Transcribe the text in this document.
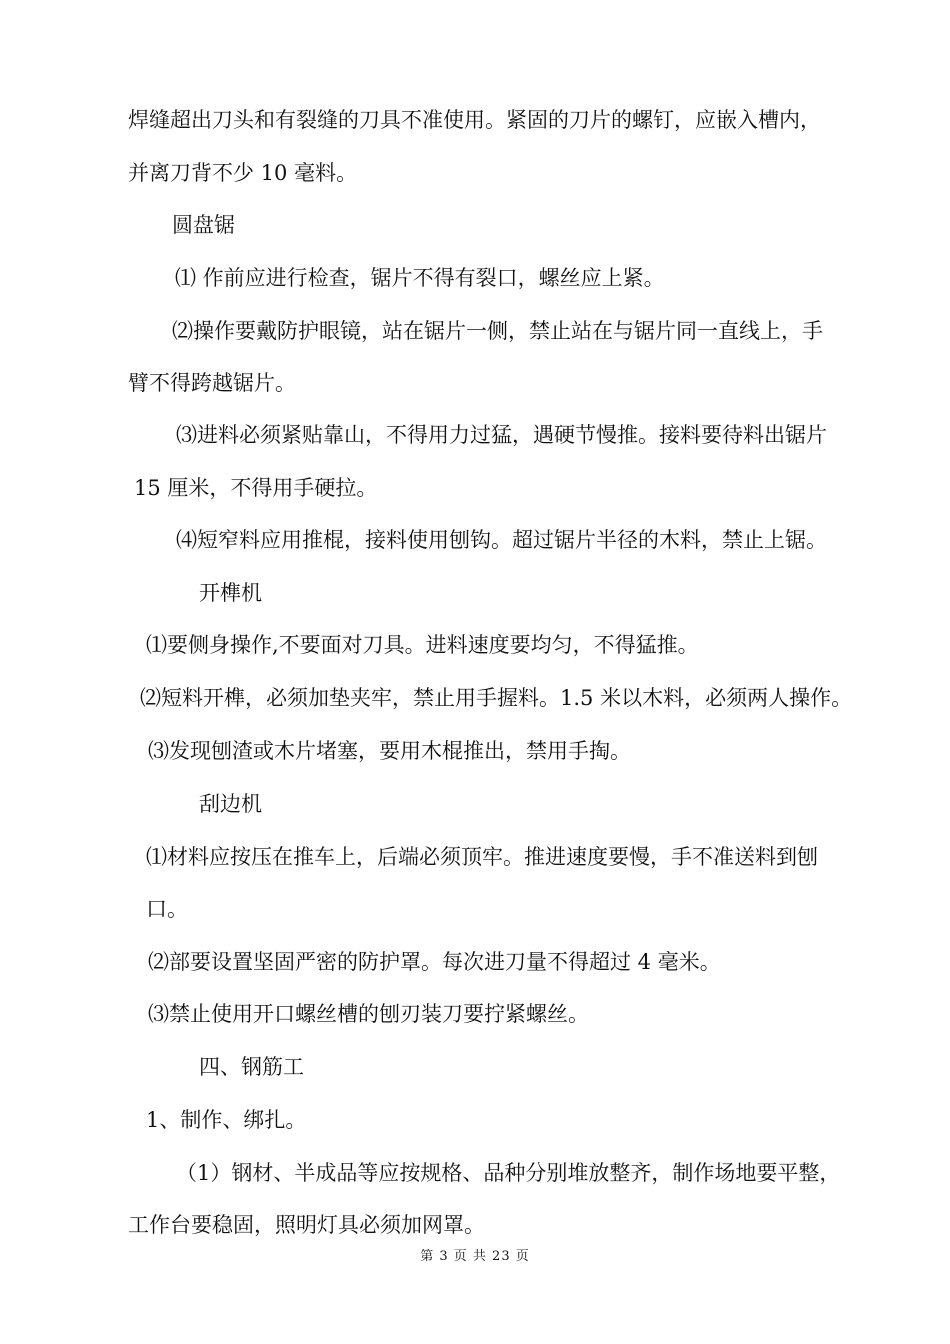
焊缝超出刀头和有裂缝的刀具不准使用。紧固的刀片的螺钉，应嵌入槽内，
并离刀背不少 10 毫料。
圆盘锯
⑴ 作前应进行检查，锯片不得有裂口，螺丝应上紧。
⑵操作要戴防护眼镜，站在锯片一侧，禁止站在与锯片同一直线上，手
臂不得跨越锯片。
⑶进料必须紧贴靠山，不得用力过猛，遇硬节慢推。接料要待料出锯片
15 厘米，不得用手硬拉。
⑷短窄料应用推棍，接料使用刨钩。超过锯片半径的木料，禁止上锯。
开榫机
⑴要侧身操作,不要面对刀具。进料速度要均匀，不得猛推。
⑵短料开榫，必须加垫夹牢，禁止用手握料。1.5 米以木料，必须两人操作。
⑶发现刨渣或木片堵塞，要用木棍推出，禁用手掏。
刮边机
⑴材料应按压在推车上，后端必须顶牢。推进速度要慢，手不准送料到刨
口。
⑵部要设置坚固严密的防护罩。每次进刀量不得超过 4 毫米。
⑶禁止使用开口螺丝槽的刨刃装刀要拧紧螺丝。
四、钢筋工
1、制作、绑扎。
（1）钢材、半成品等应按规格、品种分别堆放整齐，制作场地要平整，
工作台要稳固，照明灯具必须加网罩。
第 3 页 共 23 页
